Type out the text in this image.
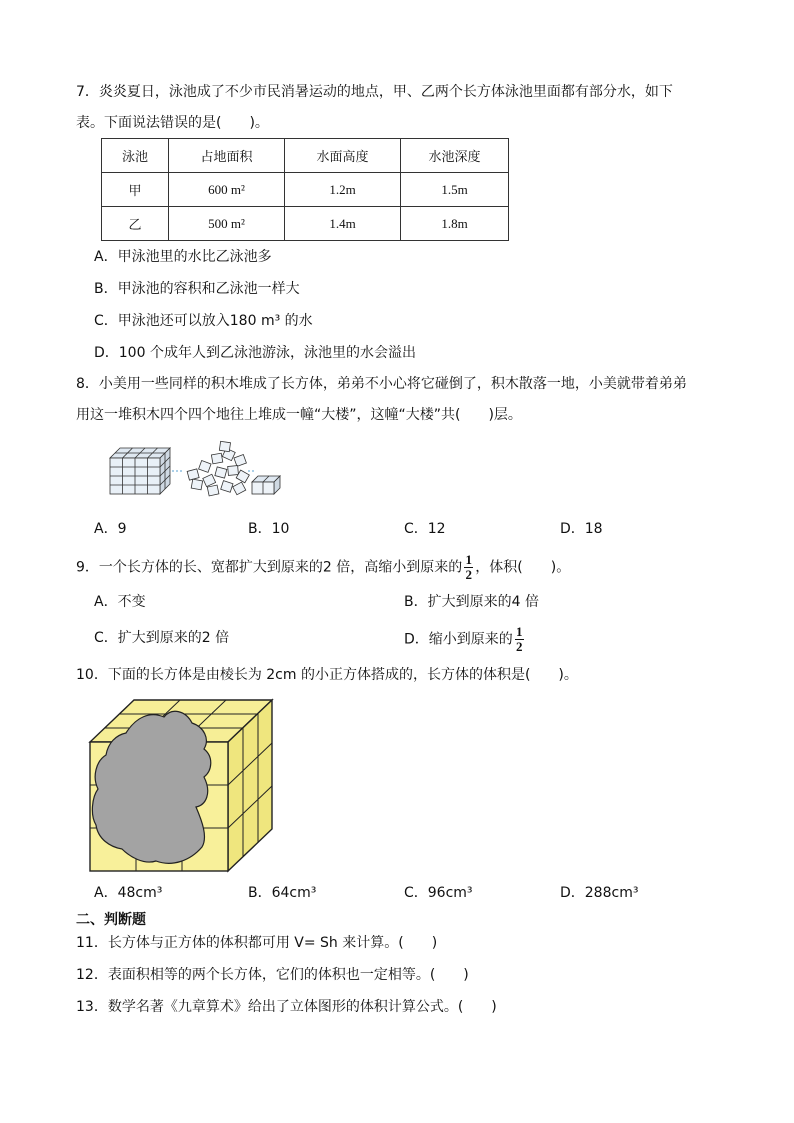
7．炎炎夏日，泳池成了不少市民消暑运动的地点，甲、乙两个长方体泳池里面都有部分水，如下
表。下面说法错误的是(　　)。
泳池	占地面积	水面高度	水池深度
甲	600 m²	1.2m	1.5m
乙	500 m²	1.4m	1.8m
A．甲泳池里的水比乙泳池多
B．甲泳池的容积和乙泳池一样大
C．甲泳池还可以放入180 m³ 的水
D．100 个成年人到乙泳池游泳，泳池里的水会溢出
8．小美用一些同样的积木堆成了长方体，弟弟不小心将它碰倒了，积木散落一地，小美就带着弟弟
用这一堆积木四个四个地往上堆成一幢“大楼”，这幢“大楼”共(　　)层。
A．9	B．10	C．12	D．18
9．一个长方体的长、宽都扩大到原来的2 倍，高缩小到原来的 $\frac{1}{2}$ ，体积(　　)。
A．不变	B．扩大到原来的4 倍
C．扩大到原来的2 倍	D．缩小到原来的 $\frac{1}{2}$
10．下面的长方体是由棱长为 2cm 的小正方体搭成的，长方体的体积是(　　)。
A．48cm³	B．64cm³	C．96cm³	D．288cm³
二、判断题
11．长方体与正方体的体积都可用 V= Sh 来计算。(　　)
12．表面积相等的两个长方体，它们的体积也一定相等。(　　)
13．数学名著《九章算术》给出了立体图形的体积计算公式。(　　)
